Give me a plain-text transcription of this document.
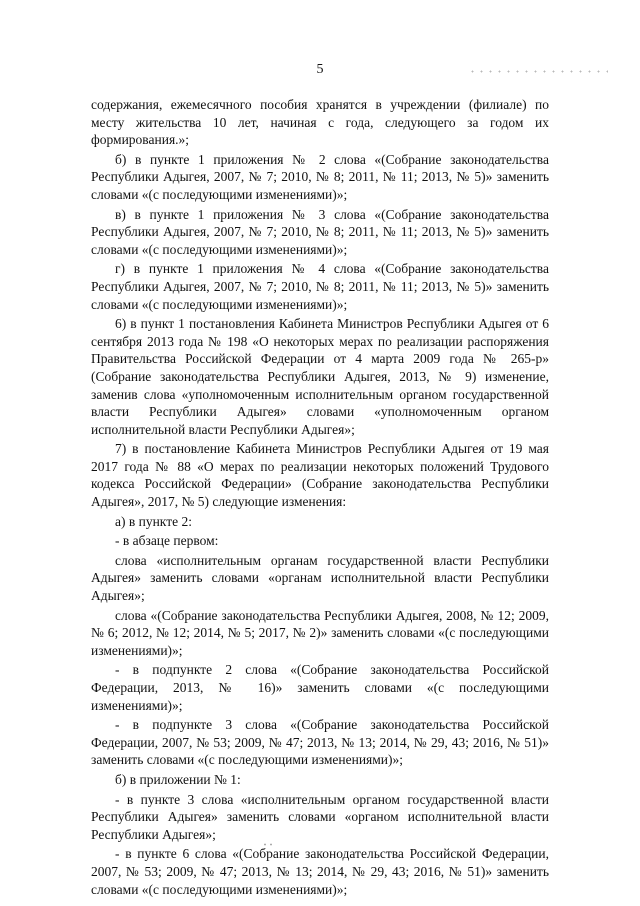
5

содержания, ежемесячного пособия хранятся в учреждении (филиале) по месту жительства 10 лет, начиная с года, следующего за годом их формирования.»;

б) в пункте 1 приложения № 2 слова «(Собрание законодательства Республики Адыгея, 2007, № 7; 2010, № 8; 2011, № 11; 2013, № 5)» заменить словами «(с последующими изменениями)»;

в) в пункте 1 приложения № 3 слова «(Собрание законодательства Республики Адыгея, 2007, № 7; 2010, № 8; 2011, № 11; 2013, № 5)» заменить словами «(с последующими изменениями)»;

г) в пункте 1 приложения № 4 слова «(Собрание законодательства Республики Адыгея, 2007, № 7; 2010, № 8; 2011, № 11; 2013, № 5)» заменить словами «(с последующими изменениями)»;

6) в пункт 1 постановления Кабинета Министров Республики Адыгея от 6 сентября 2013 года № 198 «О некоторых мерах по реализации распоряжения Правительства Российской Федерации от 4 марта 2009 года № 265-р» (Собрание законодательства Республики Адыгея, 2013, № 9) изменение, заменив слова «уполномоченным исполнительным органом государственной власти Республики Адыгея» словами «уполномоченным органом исполнительной власти Республики Адыгея»;

7) в постановление Кабинета Министров Республики Адыгея от 19 мая 2017 года № 88 «О мерах по реализации некоторых положений Трудового кодекса Российской Федерации» (Собрание законодательства Республики Адыгея», 2017, № 5) следующие изменения:

а) в пункте 2:

- в абзаце первом:

слова «исполнительным органам государственной власти Республики Адыгея» заменить словами «органам исполнительной власти Республики Адыгея»;

слова «(Собрание законодательства Республики Адыгея, 2008, № 12; 2009, № 6; 2012, № 12; 2014, № 5; 2017, № 2)» заменить словами «(с последующими изменениями)»;

- в подпункте 2 слова «(Собрание законодательства Российской Федерации, 2013, № 16)» заменить словами «(с последующими изменениями)»;

- в подпункте 3 слова «(Собрание законодательства Российской Федерации, 2007, № 53; 2009, № 47; 2013, № 13; 2014, № 29, 43; 2016, № 51)» заменить словами «(с последующими изменениями)»;

б) в приложении № 1:

- в пункте 3 слова «исполнительным органом государственной власти Республики Адыгея» заменить словами «органом исполнительной власти Республики Адыгея»;

- в пункте 6 слова «(Собрание законодательства Российской Федерации, 2007, № 53; 2009, № 47; 2013, № 13; 2014, № 29, 43; 2016, № 51)» заменить словами «(с последующими изменениями)»;
